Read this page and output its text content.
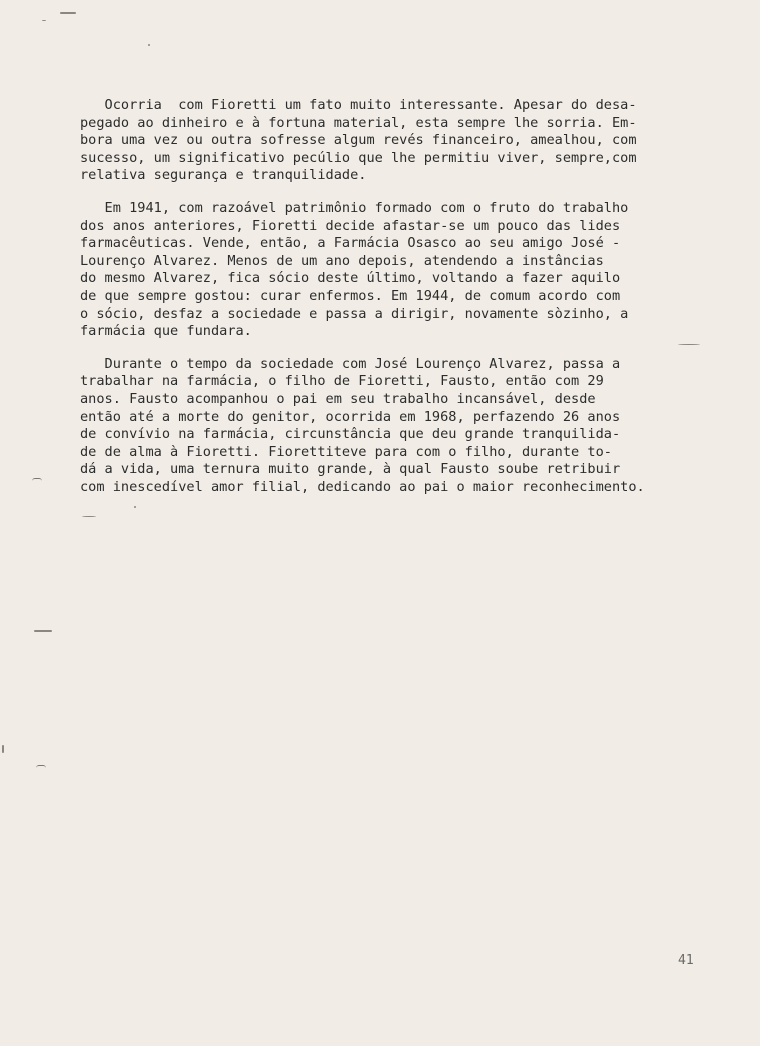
Ocorria  com Fioretti um fato muito interessante. Apesar do desa-
pegado ao dinheiro e à fortuna material, esta sempre lhe sorria. Em-
bora uma vez ou outra sofresse algum revés financeiro, amealhou, com
sucesso, um significativo pecúlio que lhe permitiu viver, sempre,com
relativa segurança e tranquilidade.

Em 1941, com razoável patrimônio formado com o fruto do trabalho
dos anos anteriores, Fioretti decide afastar-se um pouco das lides
farmacêuticas. Vende, então, a Farmácia Osasco ao seu amigo José -
Lourenço Alvarez. Menos de um ano depois, atendendo a instâncias
do mesmo Alvarez, fica sócio deste último, voltando a fazer aquilo
de que sempre gostou: curar enfermos. Em 1944, de comum acordo com
o sócio, desfaz a sociedade e passa a dirigir, novamente sòzinho, a
farmácia que fundara.

Durante o tempo da sociedade com José Lourenço Alvarez, passa a
trabalhar na farmácia, o filho de Fioretti, Fausto, então com 29
anos. Fausto acompanhou o pai em seu trabalho incansável, desde
então até a morte do genitor, ocorrida em 1968, perfazendo 26 anos
de convívio na farmácia, circunstância que deu grande tranquilida-
de de alma à Fioretti. Fiorettiteve para com o filho, durante to-
dá a vida, uma ternura muito grande, à qual Fausto soube retribuir
com inescedível amor filial, dedicando ao pai o maior reconhecimento.

41
